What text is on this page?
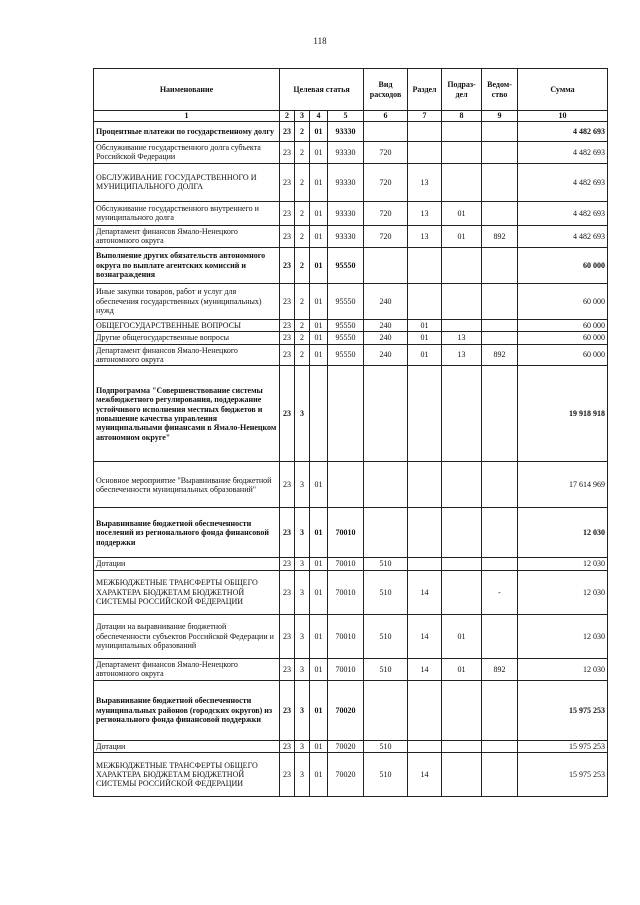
118
Наименование	Целевая статья				Вид расходов	Раздел	Подраз-дел	Ведом-ство	Сумма
1	2	3	4	5	6	7	8	9	10
Процентные платежи по государственному долгу	23	2	01	93330					4 482 693
Обслуживание государственного долга субъекта Российской Федерации	23	2	01	93330	720				4 482 693
ОБСЛУЖИВАНИЕ ГОСУДАРСТВЕННОГО И МУНИЦИПАЛЬНОГО ДОЛГА	23	2	01	93330	720	13			4 482 693
Обслуживание государственного внутреннего и муниципального долга	23	2	01	93330	720	13	01		4 482 693
Департамент финансов Ямало-Ненецкого автономного округа	23	2	01	93330	720	13	01	892	4 482 693
Выполнение других обязательств автономного округа по выплате агентских комиссий и вознаграждения	23	2	01	95550					60 000
Иные закупки товаров, работ и услуг для обеспечения государственных (муниципальных) нужд	23	2	01	95550	240				60 000
ОБЩЕГОСУДАРСТВЕННЫЕ ВОПРОСЫ	23	2	01	95550	240	01			60 000
Другие общегосударственные вопросы	23	2	01	95550	240	01	13		60 000
Департамент финансов Ямало-Ненецкого автономного округа	23	2	01	95550	240	01	13	892	60 000
Подпрограмма "Совершенствование системы межбюджетного регулирования, поддержание устойчивого исполнения местных бюджетов и повышение качества управления муниципальными финансами в Ямало-Ненецком автономном округе"	23	3							19 918 918
Основное мероприятие "Выравнивание бюджетной обеспеченности муниципальных образований"	23	3	01						17 614 969
Выравнивание бюджетной обеспеченности поселений из регионального фонда финансовой поддержки	23	3	01	70010					12 030
Дотации	23	3	01	70010	510				12 030
МЕЖБЮДЖЕТНЫЕ ТРАНСФЕРТЫ ОБЩЕГО ХАРАКТЕРА БЮДЖЕТАМ БЮДЖЕТНОЙ СИСТЕМЫ РОССИЙСКОЙ ФЕДЕРАЦИИ	23	3	01	70010	510	14		-	12 030
Дотации на выравнивание бюджетной обеспеченности субъектов Российской Федерации и муниципальных образований	23	3	01	70010	510	14	01		12 030
Департамент финансов Ямало-Ненецкого автономного округа	23	3	01	70010	510	14	01	892	12 030
Выравнивание бюджетной обеспеченности муниципальных районов (городских округов) из регионального фонда финансовой поддержки	23	3	01	70020					15 975 253
Дотации	23	3	01	70020	510				15 975 253
МЕЖБЮДЖЕТНЫЕ ТРАНСФЕРТЫ ОБЩЕГО ХАРАКТЕРА БЮДЖЕТАМ БЮДЖЕТНОЙ СИСТЕМЫ РОССИЙСКОЙ ФЕДЕРАЦИИ	23	3	01	70020	510	14			15 975 253
